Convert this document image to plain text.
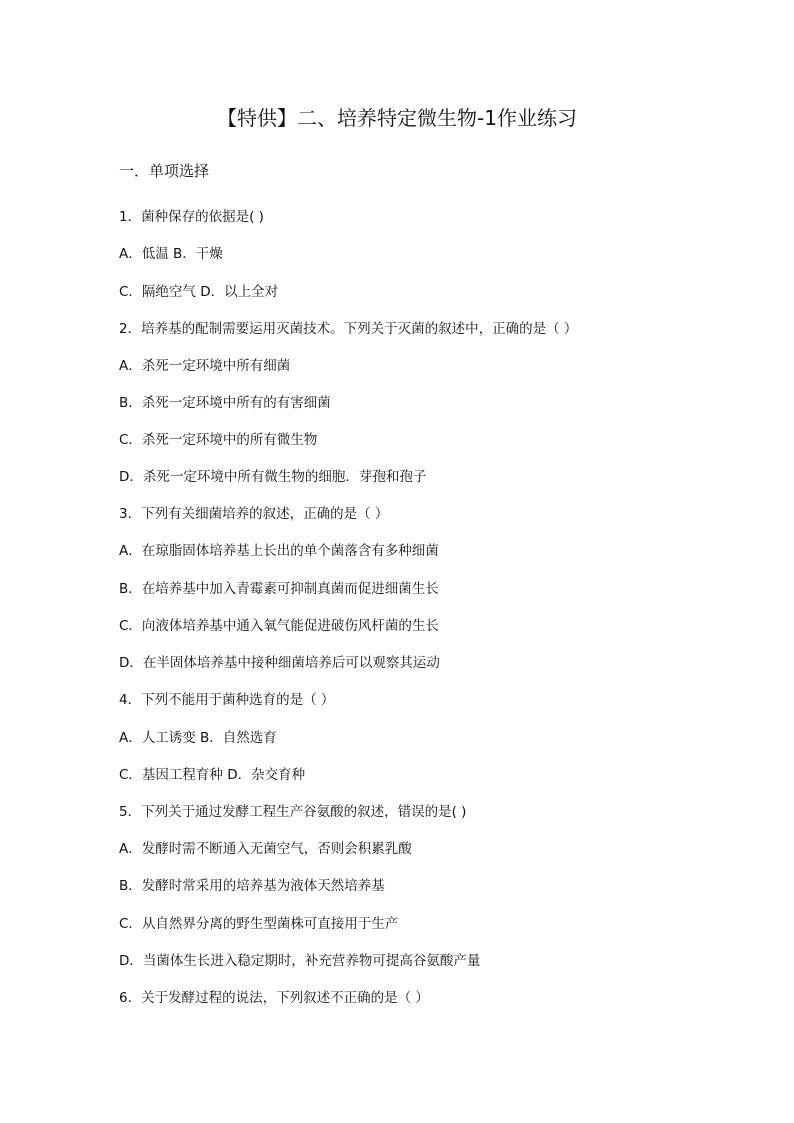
【特供】二、培养特定微生物-1作业练习
一．单项选择
1．菌种保存的依据是( )
A．低温 B．干燥
C．隔绝空气 D．以上全对
2．培养基的配制需要运用灭菌技术。下列关于灭菌的叙述中，正确的是（ ）
A．杀死一定环境中所有细菌
B．杀死一定环境中所有的有害细菌
C．杀死一定环境中的所有微生物
D．杀死一定环境中所有微生物的细胞．芽孢和孢子
3．下列有关细菌培养的叙述，正确的是（ ）
A．在琼脂固体培养基上长出的单个菌落含有多种细菌
B．在培养基中加入青霉素可抑制真菌而促进细菌生长
C．向液体培养基中通入氧气能促进破伤风杆菌的生长
D．在半固体培养基中接种细菌培养后可以观察其运动
4．下列不能用于菌种选育的是（ ）
A．人工诱变 B．自然选育
C．基因工程育种 D．杂交育种
5．下列关于通过发酵工程生产谷氨酸的叙述，错误的是( )
A．发酵时需不断通入无菌空气，否则会积累乳酸
B．发酵时常采用的培养基为液体天然培养基
C．从自然界分离的野生型菌株可直接用于生产
D．当菌体生长进入稳定期时，补充营养物可提高谷氨酸产量
6．关于发酵过程的说法，下列叙述不正确的是（ ）
